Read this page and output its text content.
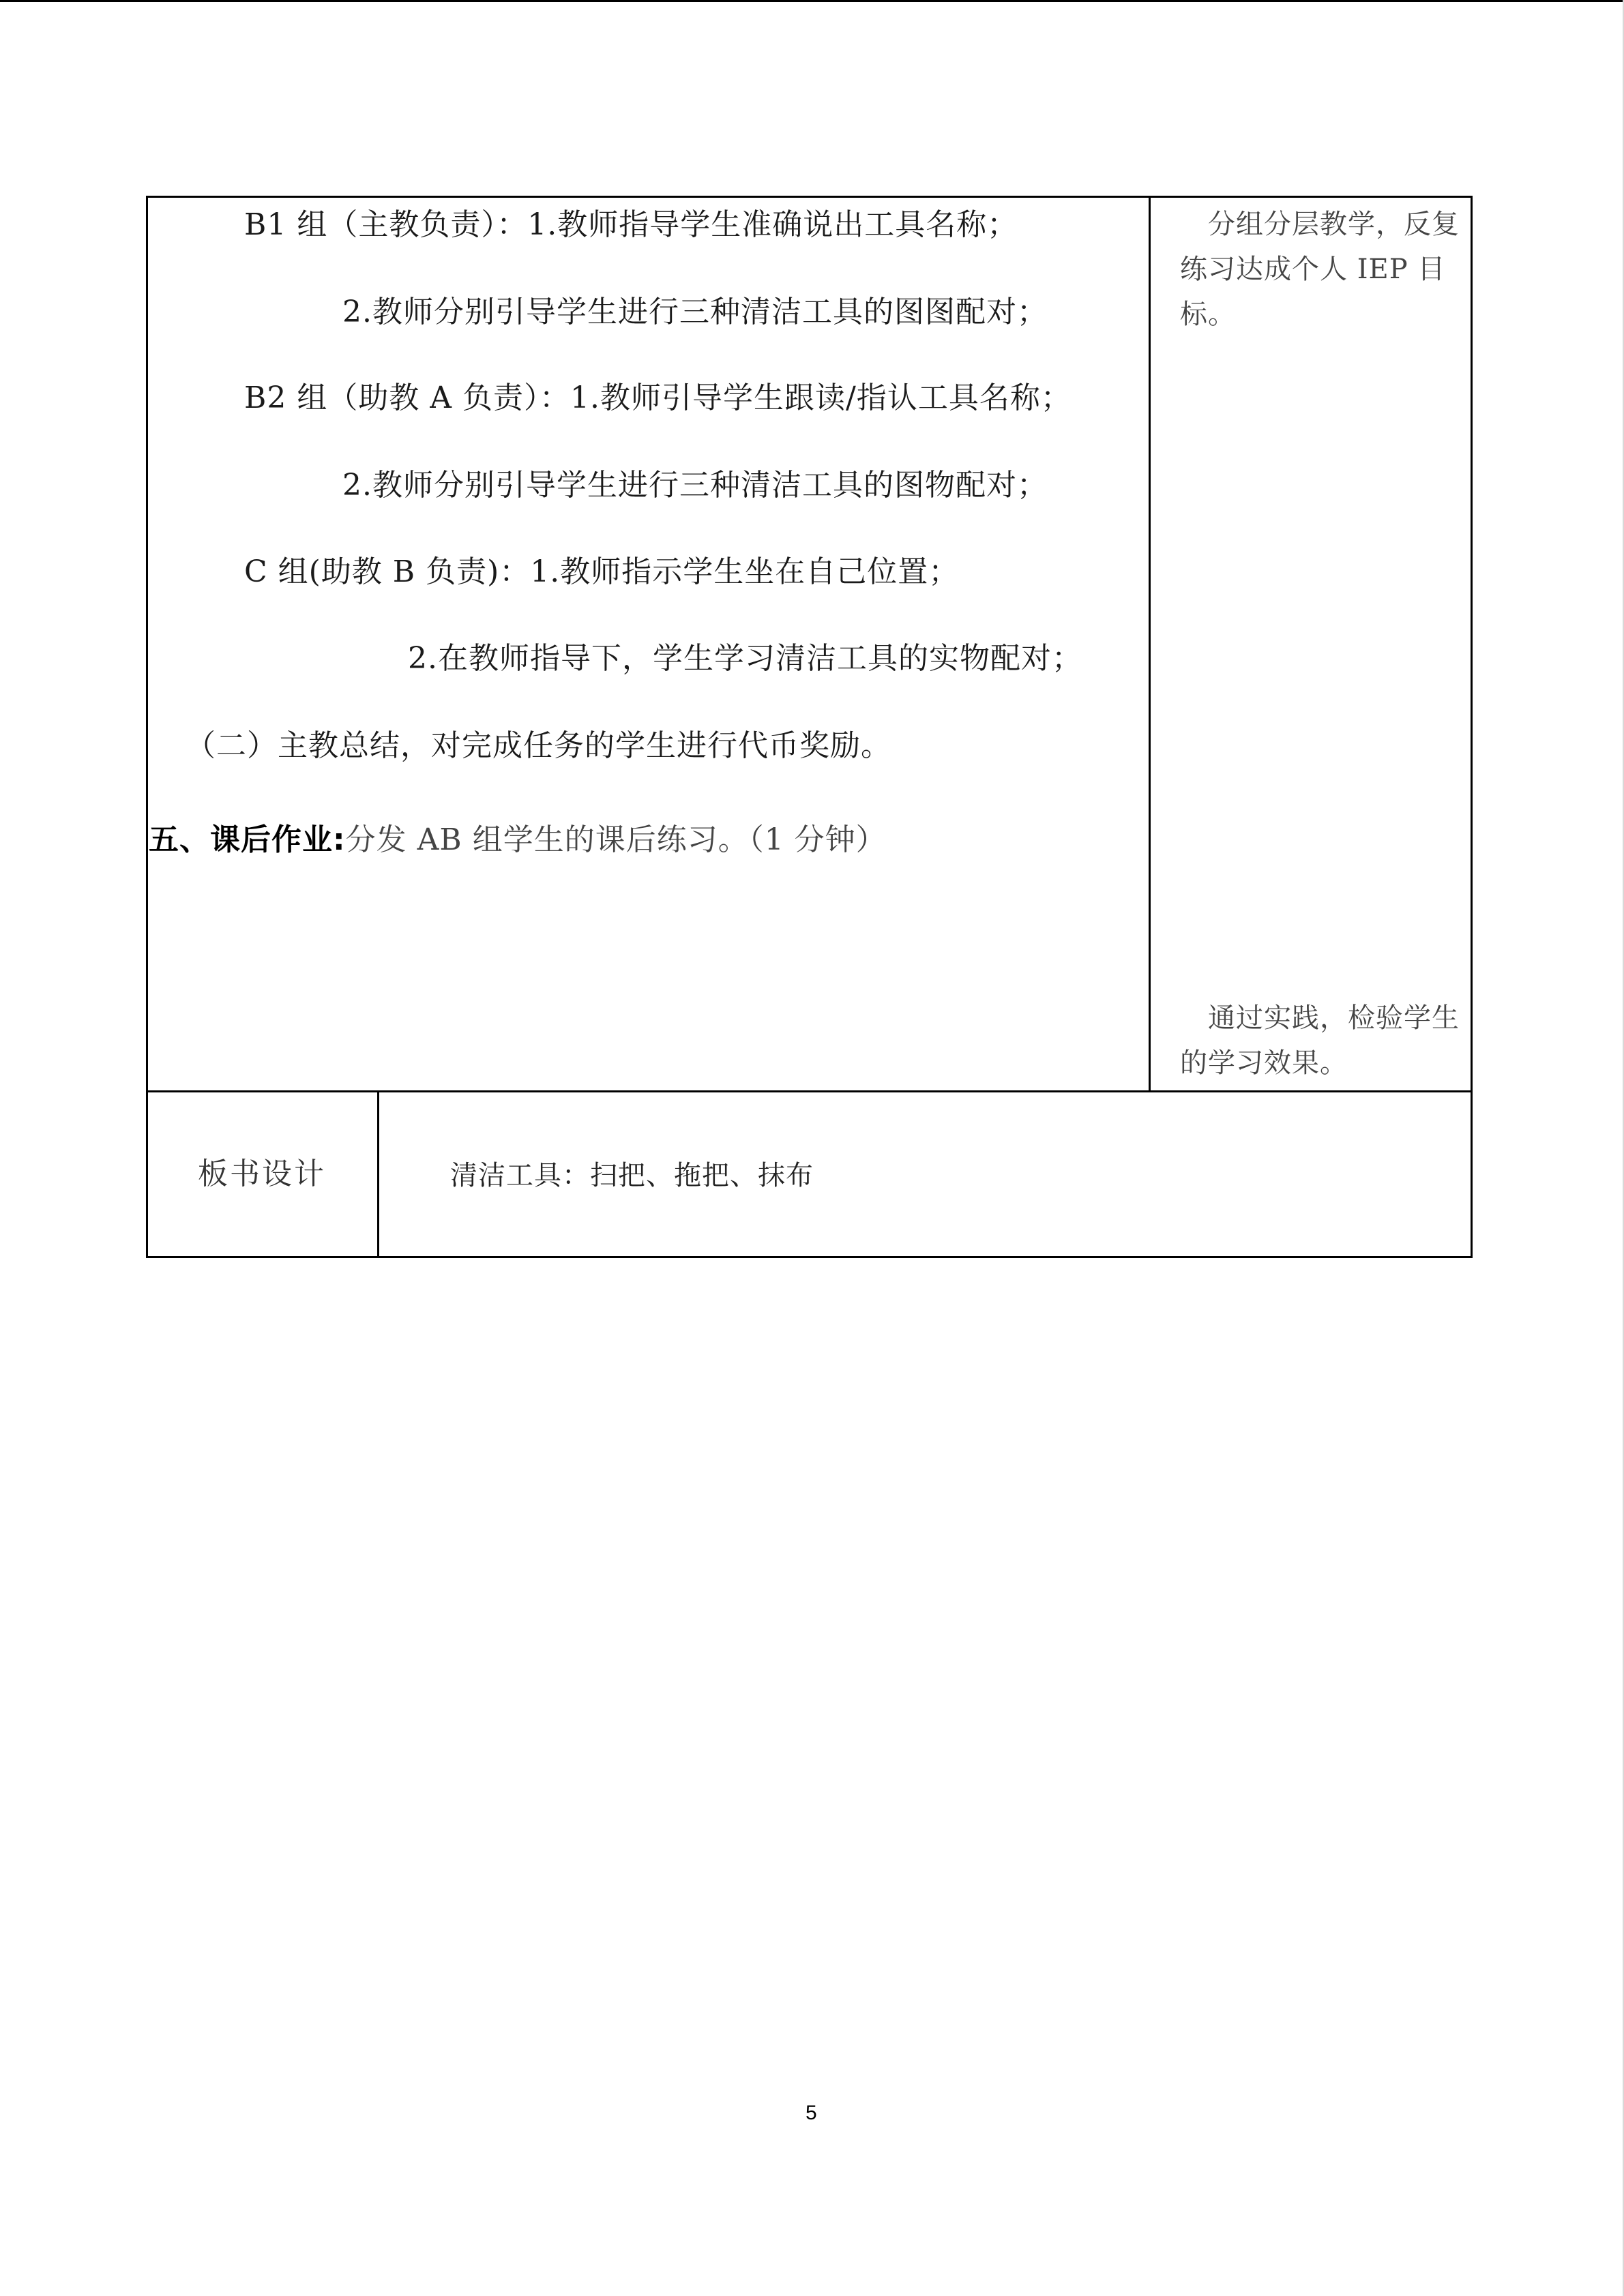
B1 组（主教负责）：1.教师指导学生准确说出工具名称；
2.教师分别引导学生进行三种清洁工具的图图配对；
B2 组（助教 A 负责）：1.教师引导学生跟读/指认工具名称；
2.教师分别引导学生进行三种清洁工具的图物配对；
C 组(助教 B 负责)：1.教师指示学生坐在自己位置；
2.在教师指导下，学生学习清洁工具的实物配对；
（二）主教总结，对完成任务的学生进行代币奖励。
五、课后作业:分发 AB 组学生的课后练习。（1 分钟）
　分组分层教学，反复练习达成个人 IEP 目标。
　通过实践，检验学生的学习效果。
板书设计	清洁工具：扫把、拖把、抹布
5
